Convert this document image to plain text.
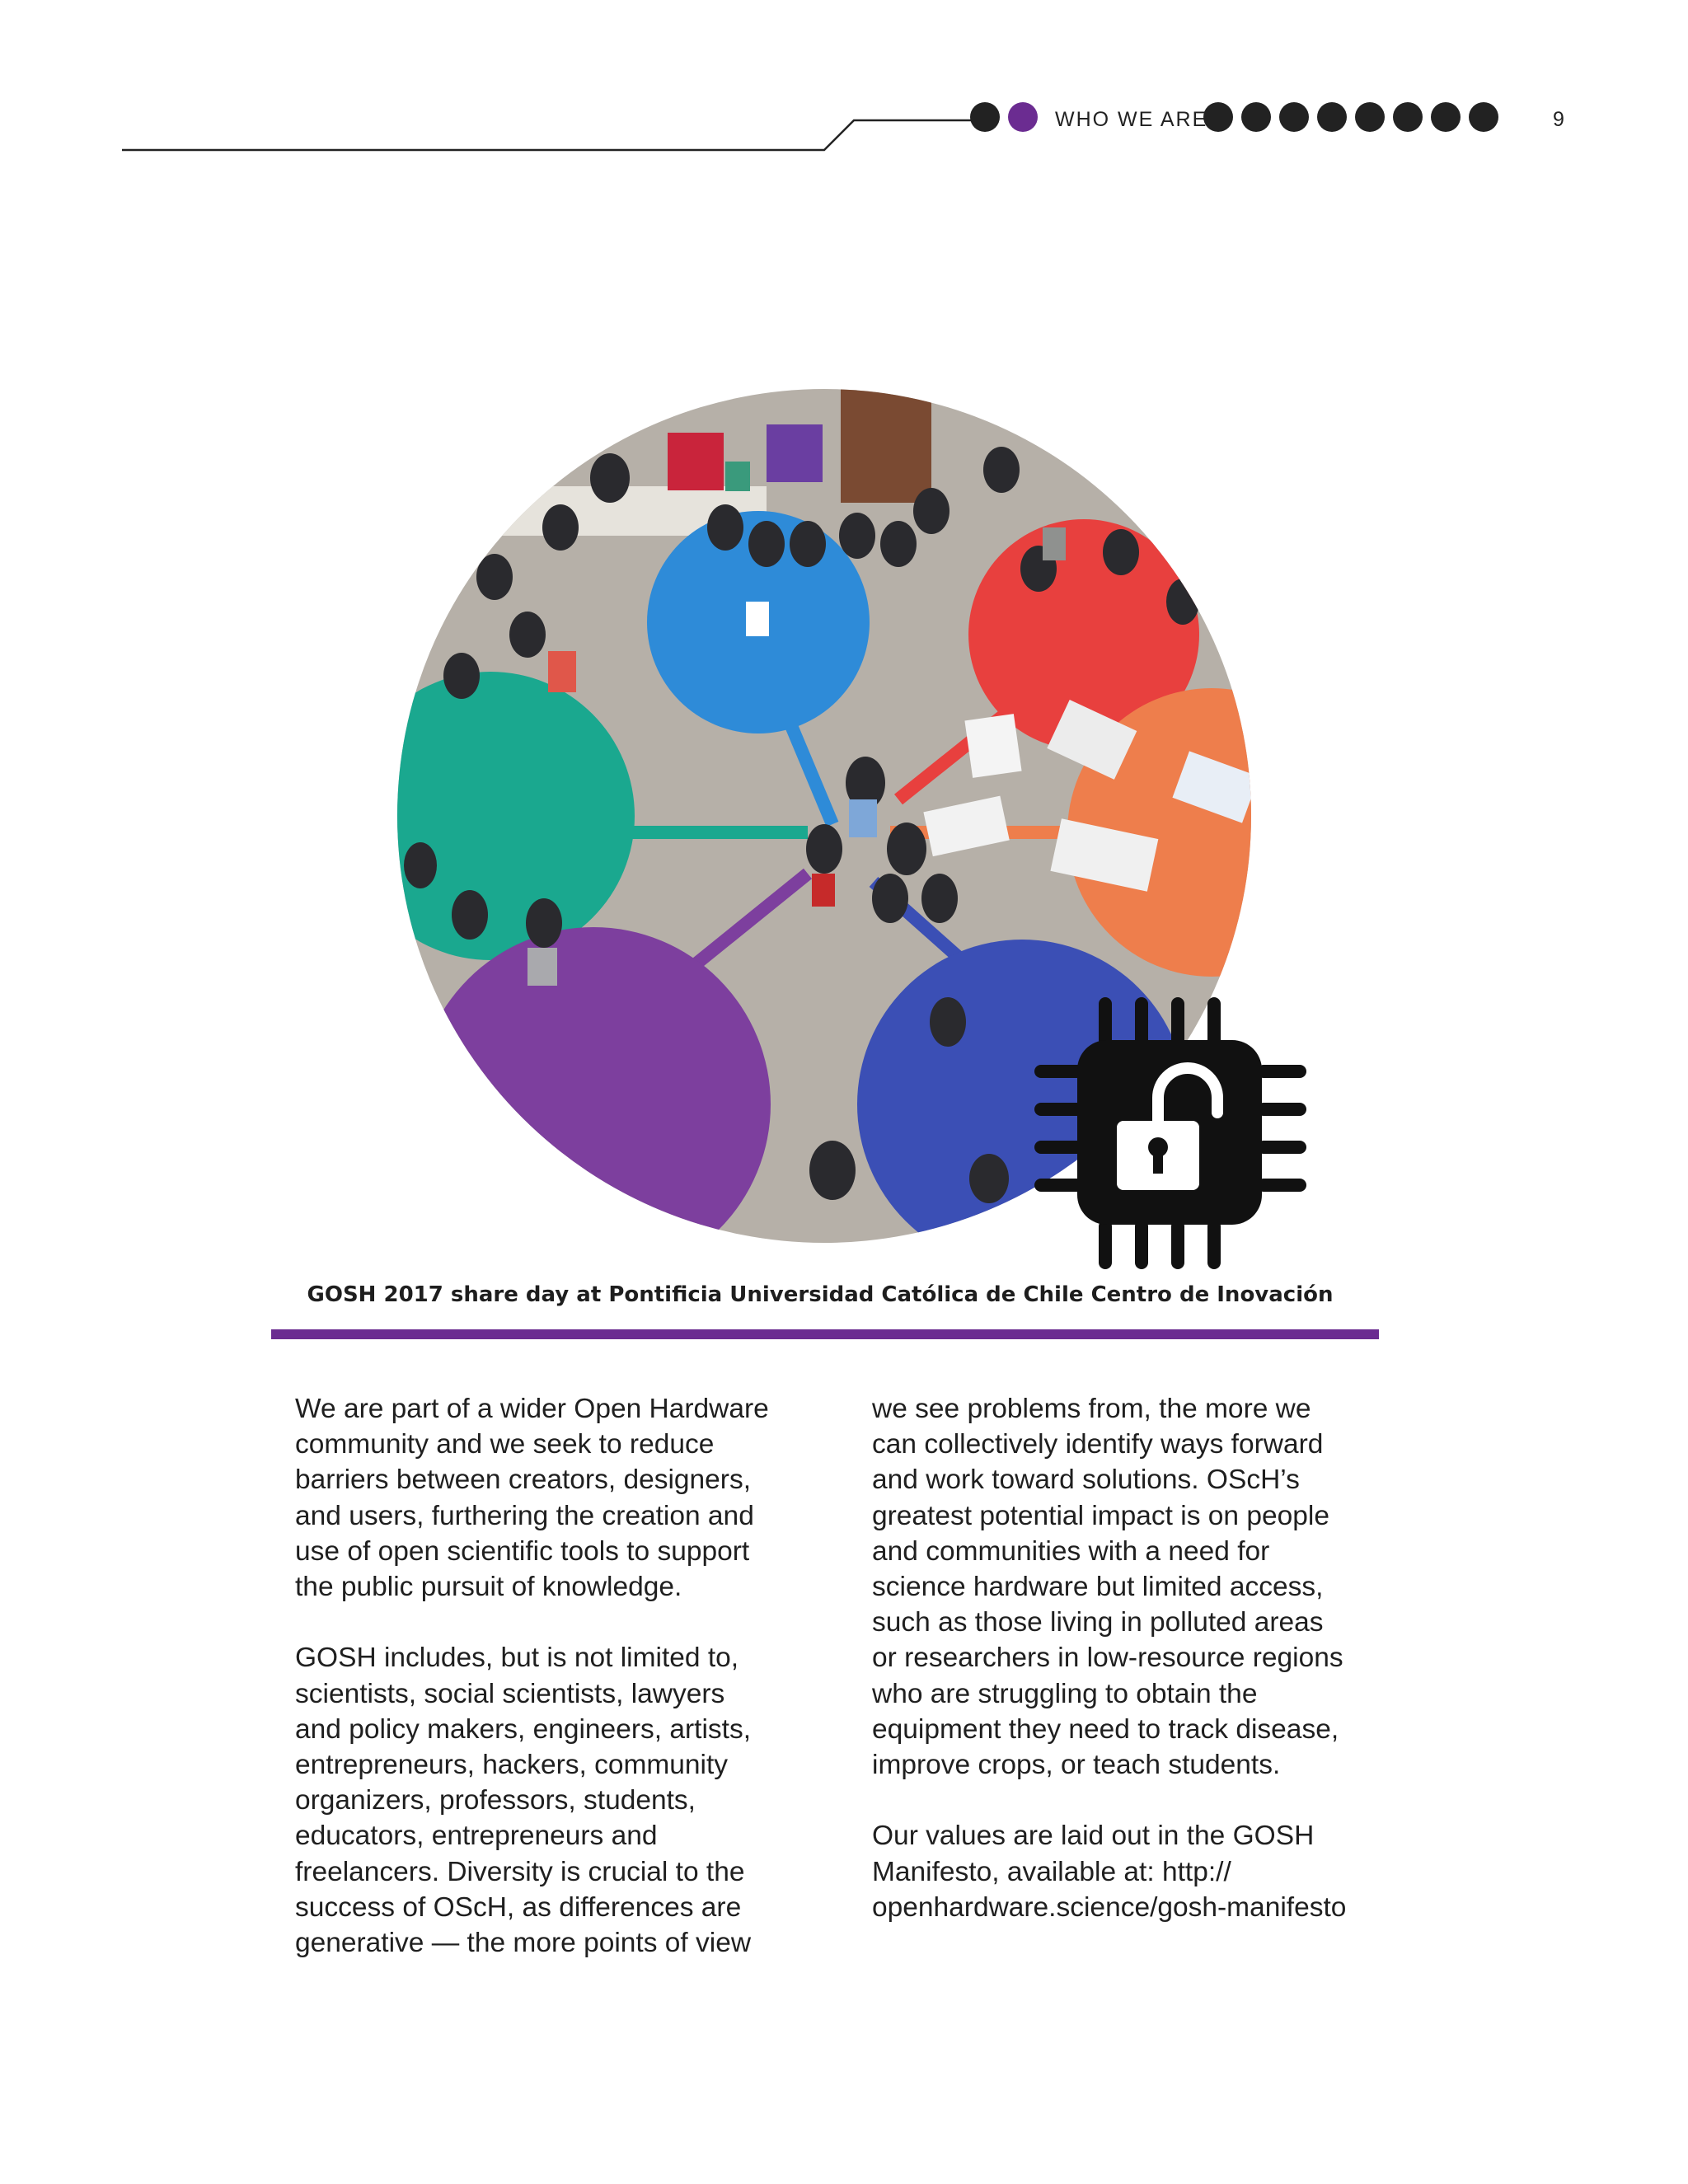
WHO WE ARE	9
GOSH 2017 share day at Pontificia Universidad Católica de Chile Centro de Inovación

We are part of a wider Open Hardware
community and we seek to reduce
barriers between creators, designers,
and users, furthering the creation and
use of open scientific tools to support
the public pursuit of knowledge.

GOSH includes, but is not limited to,
scientists, social scientists, lawyers
and policy makers, engineers, artists,
entrepreneurs, hackers, community
organizers, professors, students,
educators, entrepreneurs and
freelancers. Diversity is crucial to the
success of OScH, as differences are
generative — the more points of view

we see problems from, the more we
can collectively identify ways forward
and work toward solutions. OScH’s
greatest potential impact is on people
and communities with a need for
science hardware but limited access,
such as those living in polluted areas
or researchers in low-resource regions
who are struggling to obtain the
equipment they need to track disease,
improve crops, or teach students.

Our values are laid out in the GOSH
Manifesto, available at: http://
openhardware.science/gosh-manifesto
